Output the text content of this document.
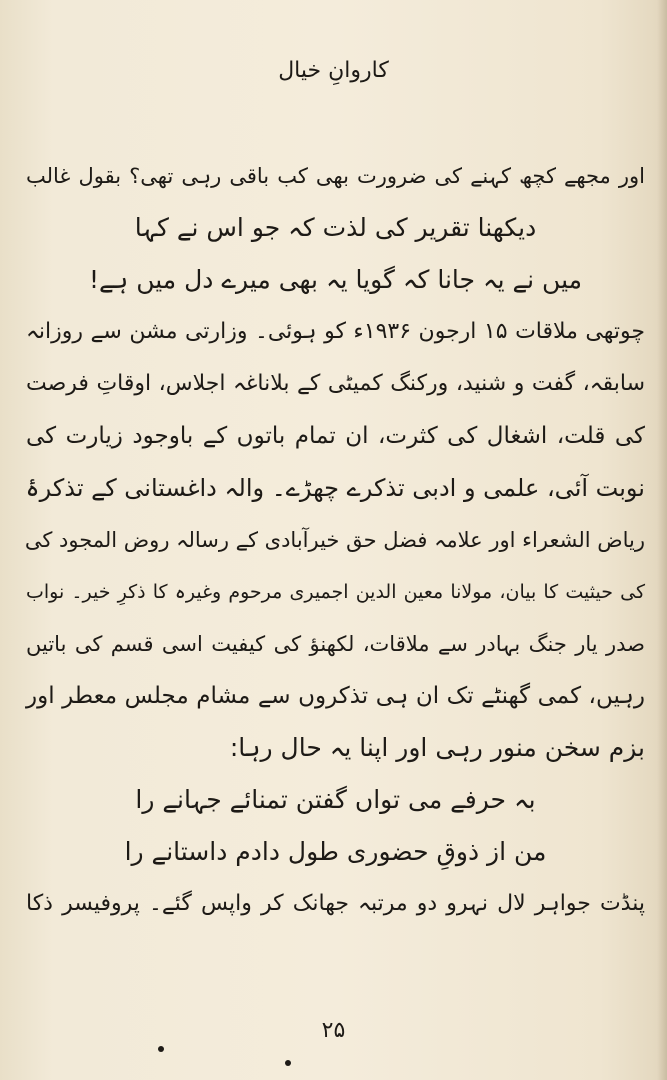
کاروانِ خیال
اور مجھے کچھ کہنے کی ضرورت بھی کب باقی رہی تھی؟ بقول غالب
دیکھنا تقریر کی لذت کہ جو اس نے کہا
میں نے یہ جانا کہ گویا یہ بھی میرے دل میں ہے!
چوتھی ملاقات ۱۵ ارجون ۱۹۳۶ء کو ہوئی۔ وزارتی مشن سے روزانہ
سابقہ، گفت و شنید، ورکنگ کمیٹی کے بلاناغہ اجلاس، اوقاتِ فرصت
کی قلت، اشغال کی کثرت، ان تمام باتوں کے باوجود زیارت کی
نوبت آئی، علمی و ادبی تذکرے چھڑے۔ والہ داغستانی کے تذکرۂ
ریاض الشعراء اور علامہ فضل حق خیرآبادی کے رسالہ روض المجود کی
کی حیثیت کا بیان، مولانا معین الدین اجمیری مرحوم وغیرہ کا ذکرِ خیر۔ نواب
صدر یار جنگ بہادر سے ملاقات، لکھنؤ کی کیفیت اسی قسم کی باتیں
رہیں، کمی گھنٹے تک ان ہی تذکروں سے مشام مجلس معطر اور
بزم سخن منور رہی اور اپنا یہ حال رہا:
بہ حرفے می تواں گفتن تمنائے جہانے را
من از ذوقِ حضوری طول دادم داستانے را
پنڈت جواہر لال نہرو دو مرتبہ جھانک کر واپس گئے۔ پروفیسر ذکا
۲۵
